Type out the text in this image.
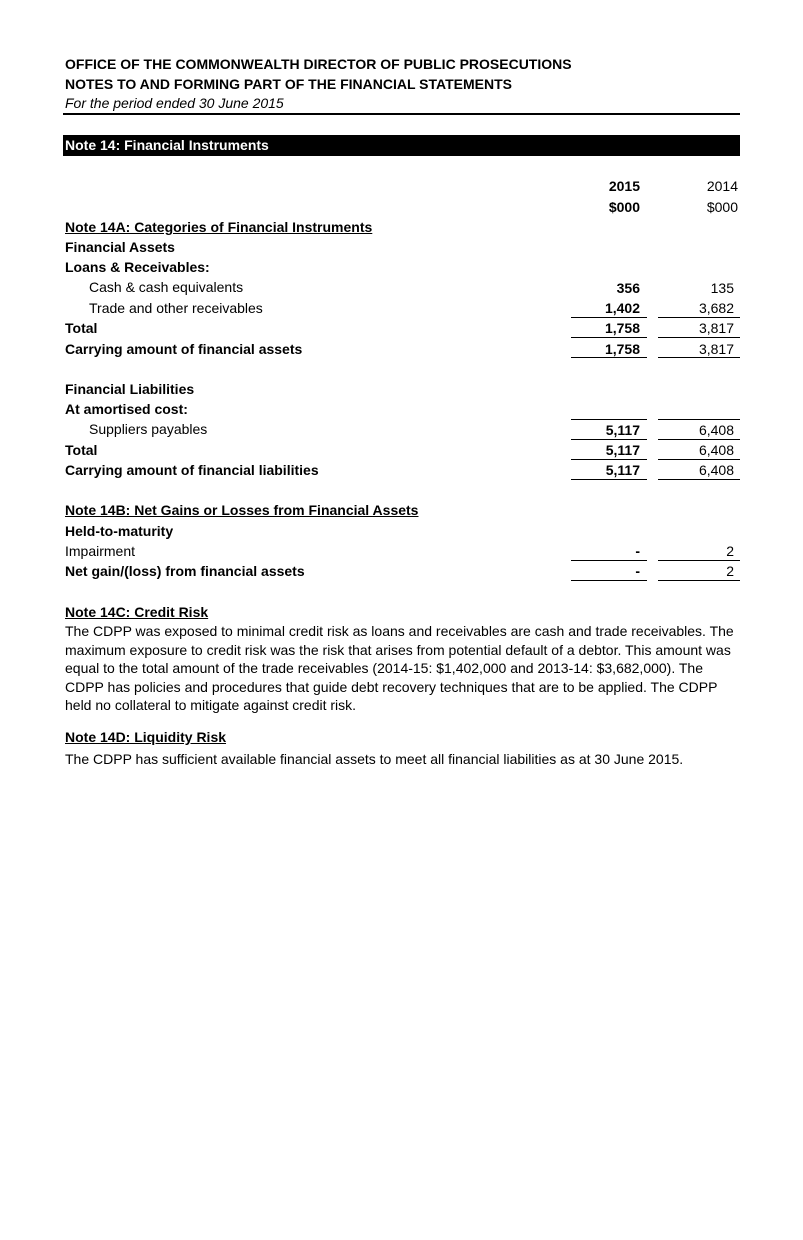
OFFICE OF THE COMMONWEALTH DIRECTOR OF PUBLIC PROSECUTIONS
NOTES TO AND FORMING PART OF THE FINANCIAL STATEMENTS
For the period ended 30 June 2015
Note 14: Financial Instruments
2015	2014
$000	$000
Note 14A: Categories of Financial Instruments
Financial Assets
Loans & Receivables:
Cash & cash equivalents	356	135
Trade and other receivables	1,402	3,682
Total	1,758	3,817
Carrying amount of financial assets	1,758	3,817
Financial Liabilities
At amortised cost:
Suppliers payables	5,117	6,408
Total	5,117	6,408
Carrying amount of financial liabilities	5,117	6,408
Note 14B: Net Gains or Losses from Financial Assets
Held-to-maturity
Impairment	-	2
Net gain/(loss) from financial assets	-	2
Note 14C: Credit Risk
The CDPP was exposed to minimal credit risk as loans and receivables are cash and trade receivables. The maximum exposure to credit risk was the risk that arises from potential default of a debtor. This amount was equal to the total amount of the trade receivables (2014-15: $1,402,000 and 2013-14: $3,682,000). The CDPP has policies and procedures that guide debt recovery techniques that are to be applied. The CDPP held no collateral to mitigate against credit risk.
Note 14D: Liquidity Risk
The CDPP has sufficient available financial assets to meet all financial liabilities as at 30 June 2015.
